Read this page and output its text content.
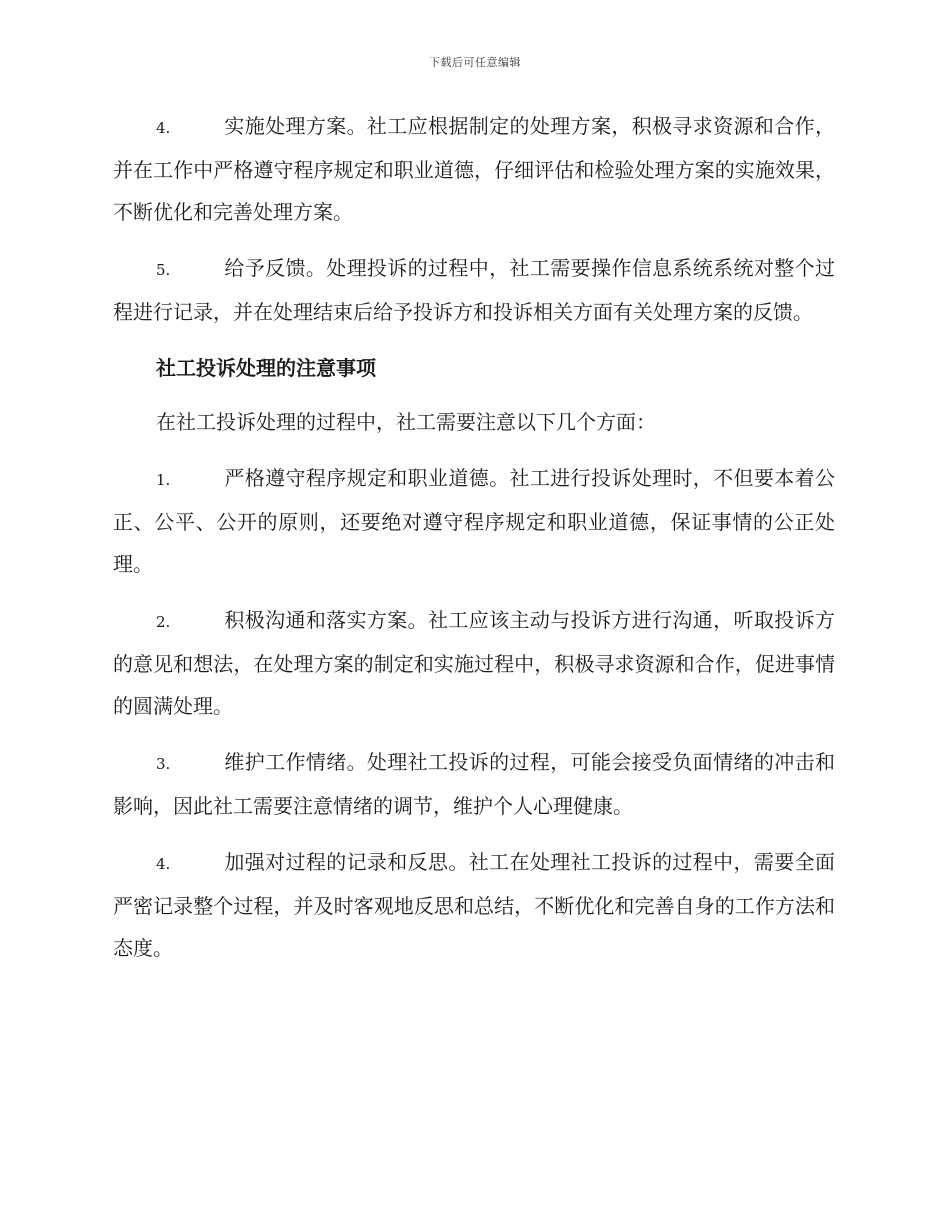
下载后可任意编辑

4.	实施处理方案。社工应根据制定的处理方案，积极寻求资源和合作，并在工作中严格遵守程序规定和职业道德，仔细评估和检验处理方案的实施效果，不断优化和完善处理方案。

5.	给予反馈。处理投诉的过程中，社工需要操作信息系统系统对整个过程进行记录，并在处理结束后给予投诉方和投诉相关方面有关处理方案的反馈。

社工投诉处理的注意事项

在社工投诉处理的过程中，社工需要注意以下几个方面：

1.	严格遵守程序规定和职业道德。社工进行投诉处理时，不但要本着公正、公平、公开的原则，还要绝对遵守程序规定和职业道德，保证事情的公正处理。

2.	积极沟通和落实方案。社工应该主动与投诉方进行沟通，听取投诉方的意见和想法，在处理方案的制定和实施过程中，积极寻求资源和合作，促进事情的圆满处理。

3.	维护工作情绪。处理社工投诉的过程，可能会接受负面情绪的冲击和影响，因此社工需要注意情绪的调节，维护个人心理健康。

4.	加强对过程的记录和反思。社工在处理社工投诉的过程中，需要全面严密记录整个过程，并及时客观地反思和总结，不断优化和完善自身的工作方法和态度。
